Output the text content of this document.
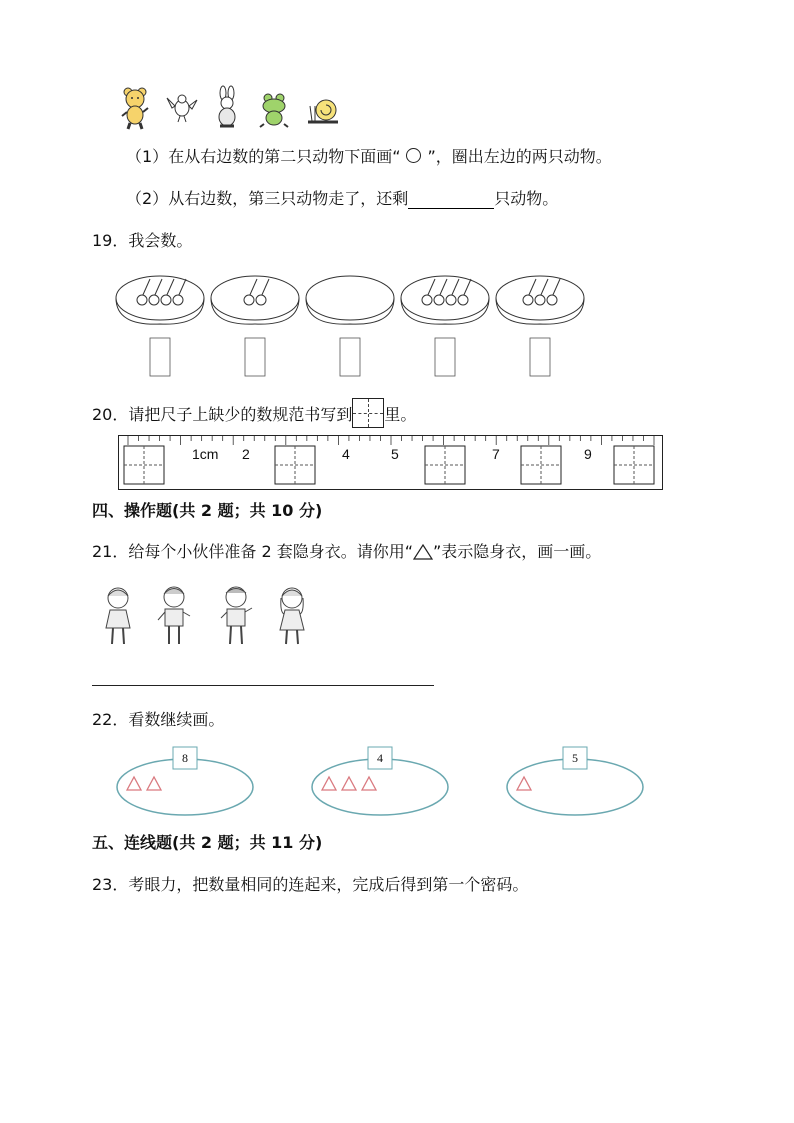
（1）在从右边数的第二只动物下面画“ ”，圈出左边的两只动物。
（2）从右边数，第三只动物走了，还剩	只动物。
19．我会数。
20．请把尺子上缺少的数规范书写到 里。
1cm 2	4	5	7	9
四、操作题(共 2 题；共 10 分)
21．给每个小伙伴准备 2 套隐身衣。请你用“ ”表示隐身衣，画一画。
22．看数继续画。
8	4	5
五、连线题(共 2 题；共 11 分)
23．考眼力，把数量相同的连起来，完成后得到第一个密码。
